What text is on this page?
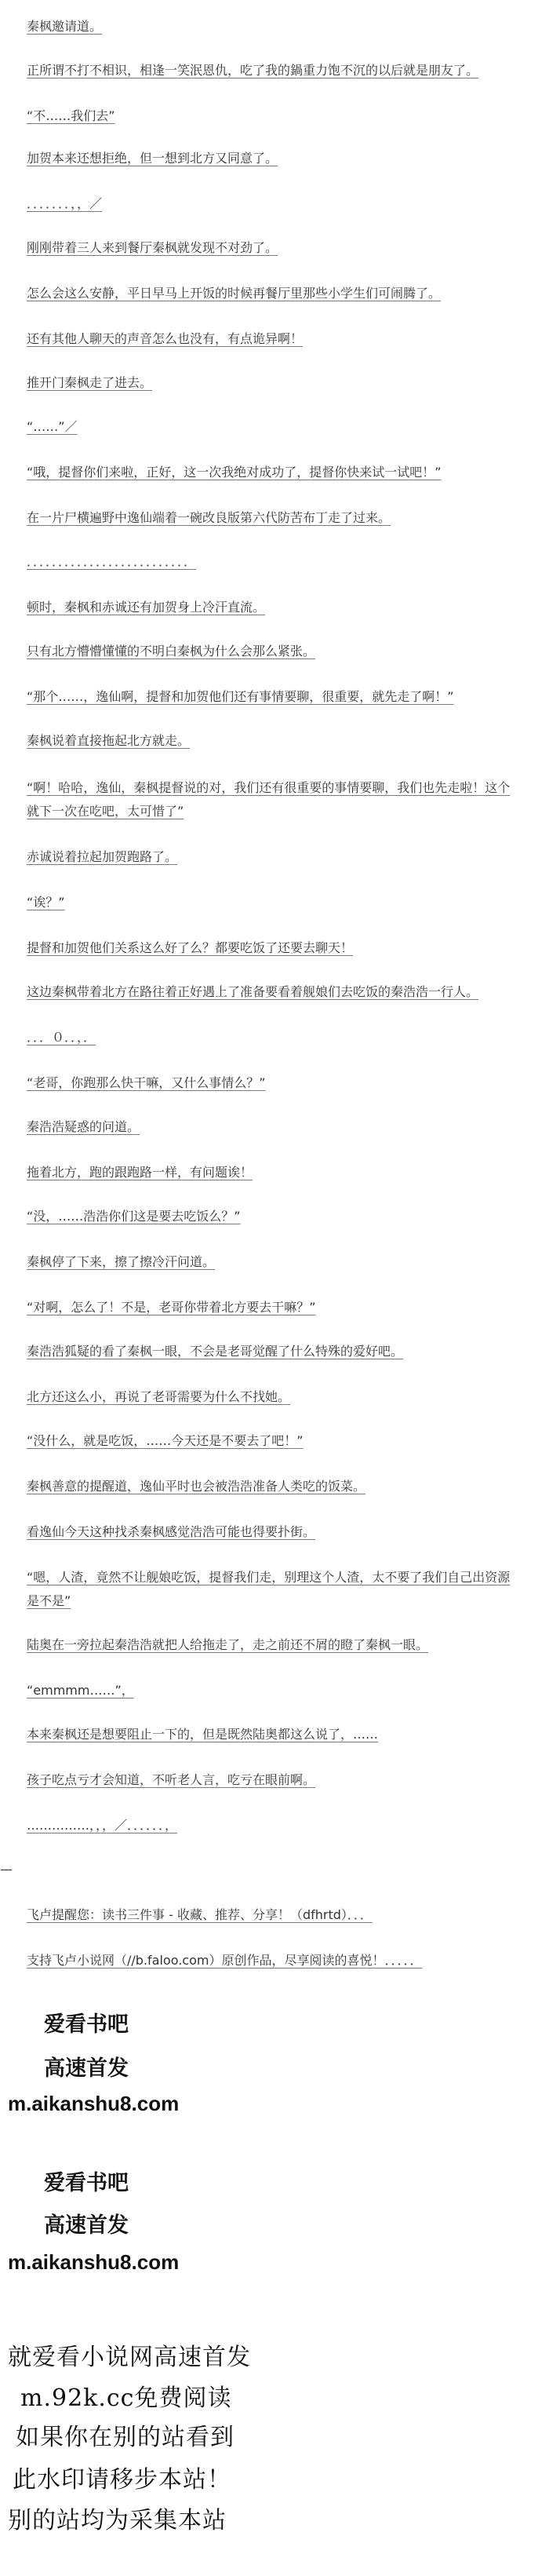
秦枫邀请道。

正所谓不打不相识，相逢一笑泯恩仇，吃了我的鍋重力饱不沉的以后就是朋友了。

“不……我们去”

加贺本来还想拒绝，但一想到北方又同意了。

．．．．．．．，，／

刚刚带着三人来到餐厅秦枫就发现不对劲了。

怎么会这么安静，平日早马上开饭的时候再餐厅里那些小学生们可闹腾了。

还有其他人聊天的声音怎么也没有，有点诡异啊！

推开门秦枫走了进去。

“……”／

“哦，提督你们来啦，正好，这一次我绝对成功了，提督你快来试一试吧！”

在一片尸横遍野中逸仙端着一碗改良版第六代防苦布丁走了过来。

．．．．．．．．．．．．．．．．．．．．．．．．．．

顿时，秦枫和赤诚还有加贺身上冷汗直流。

只有北方懵懵懂懂的不明白秦枫为什么会那么紧张。

“那个……，逸仙啊，提督和加贺他们还有事情要聊，很重要，就先走了啊！”

秦枫说着直接拖起北方就走。

“啊！哈哈，逸仙，秦枫提督说的对，我们还有很重要的事情要聊，我们也先走啦！这个就下一次在吃吧，太可惜了”

赤诚说着拉起加贺跑路了。

“诶？”

提督和加贺他们关系这么好了么？都要吃饭了还要去聊天！

这边秦枫带着北方在路往着正好遇上了准备要看着舰娘们去吃饭的秦浩浩一行人。

．．．０．．，．

“老哥，你跑那么快干嘛，又什么事情么？”

秦浩浩疑惑的问道。

拖着北方，跑的跟跑路一样，有问题诶！

“没，……浩浩你们这是要去吃饭么？”

秦枫停了下来，擦了擦冷汗问道。

“对啊，怎么了！不是，老哥你带着北方要去干嘛？”

秦浩浩狐疑的看了秦枫一眼，不会是老哥觉醒了什么特殊的爱好吧。

北方还这么小，再说了老哥需要为什么不找她。

“没什么，就是吃饭，……今天还是不要去了吧！”

秦枫善意的提醒道，逸仙平时也会被浩浩准备人类吃的饭菜。

看逸仙今天这种找杀秦枫感觉浩浩可能也得要扑街。

“嗯，人渣，竟然不让舰娘吃饭，提督我们走，别理这个人渣，太不要了我们自己出资源是不是”

陆奥在一旁拉起秦浩浩就把人给拖走了，走之前还不屑的瞪了秦枫一眼。

“emmmm……”，

本来秦枫还是想要阻止一下的，但是既然陆奥都这么说了，……

孩子吃点亏才会知道，不听老人言，吃亏在眼前啊。

……………，，，／．．．．．．，

—

飞卢提醒您：读书三件事 - 收藏、推荐、分享！（dfhrtd）．．．

支持飞卢小说网（//b.faloo.com）原创作品，尽享阅读的喜悦！．．．．．

爱看书吧
高速首发
m.aikanshu8.com
爱看书吧
高速首发
m.aikanshu8.com
就爱看小说网高速首发
m.92k.cc免费阅读
如果你在别的站看到
此水印请移步本站！
别的站均为采集本站
